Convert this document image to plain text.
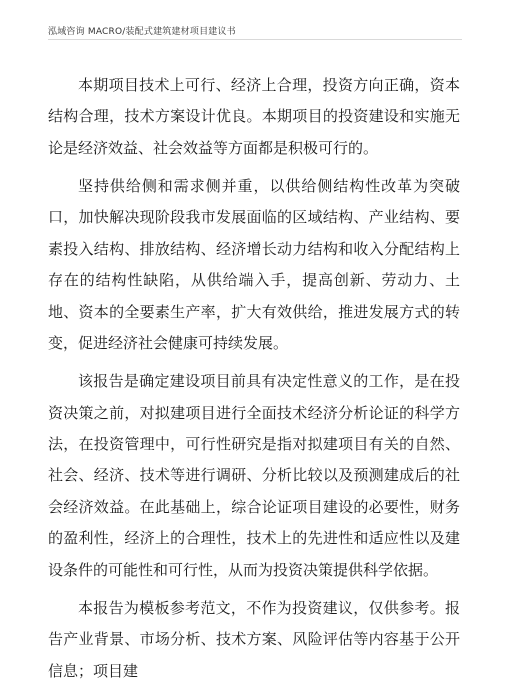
泓域咨询 MACRO/装配式建筑建材项目建议书

本期项目技术上可行、经济上合理，投资方向正确，资本结构合理，技术方案设计优良。本期项目的投资建设和实施无论是经济效益、社会效益等方面都是积极可行的。

坚持供给侧和需求侧并重，以供给侧结构性改革为突破口，加快解决现阶段我市发展面临的区域结构、产业结构、要素投入结构、排放结构、经济增长动力结构和收入分配结构上存在的结构性缺陷，从供给端入手，提高创新、劳动力、土地、资本的全要素生产率，扩大有效供给，推进发展方式的转变，促进经济社会健康可持续发展。

该报告是确定建设项目前具有决定性意义的工作，是在投资决策之前，对拟建项目进行全面技术经济分析论证的科学方法，在投资管理中，可行性研究是指对拟建项目有关的自然、社会、经济、技术等进行调研、分析比较以及预测建成后的社会经济效益。在此基础上，综合论证项目建设的必要性，财务的盈利性，经济上的合理性，技术上的先进性和适应性以及建设条件的可能性和可行性，从而为投资决策提供科学依据。

本报告为模板参考范文，不作为投资建议，仅供参考。报告产业背景、市场分析、技术方案、风险评估等内容基于公开信息；项目建
